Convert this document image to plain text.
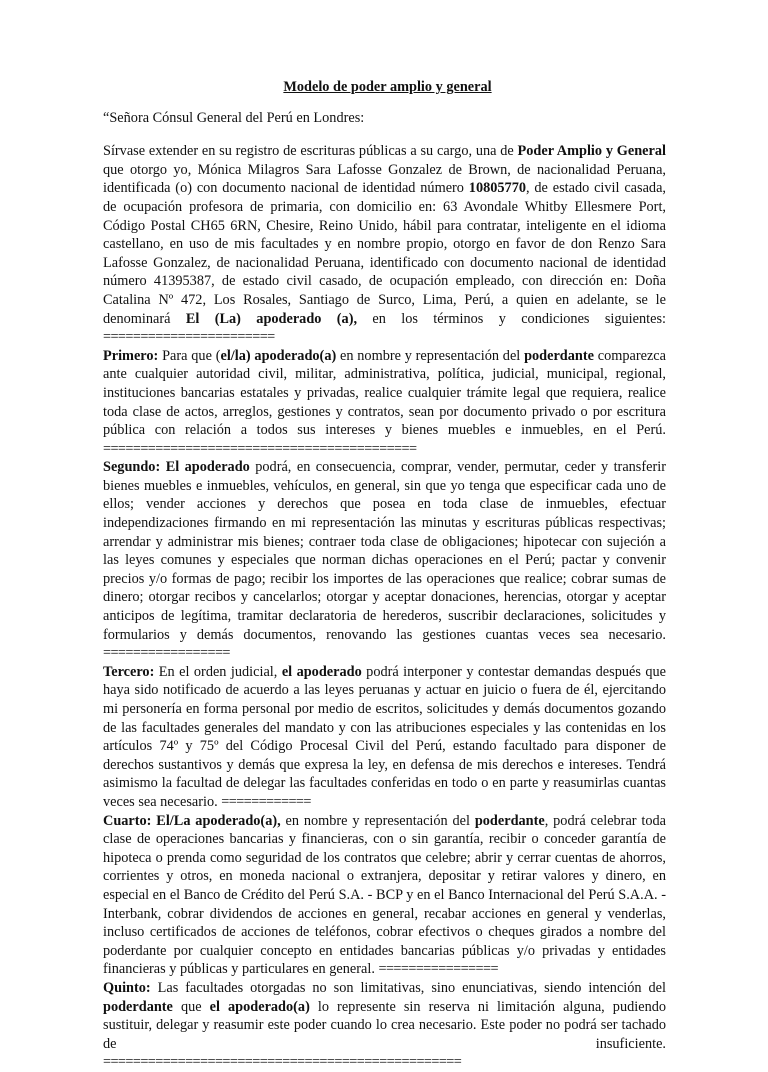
Modelo de poder amplio y general

“Señora Cónsul General del Perú en Londres:

Sírvase extender en su registro de escrituras públicas a su cargo, una de Poder Amplio y General que otorgo yo, Mónica Milagros Sara Lafosse Gonzalez de Brown, de nacionalidad Peruana, identificada (o) con documento nacional de identidad número 10805770, de estado civil casada, de ocupación profesora de primaria, con domicilio en: 63 Avondale Whitby Ellesmere Port, Código Postal CH65 6RN, Chesire, Reino Unido, hábil para contratar, inteligente en el idioma castellano, en uso de mis facultades y en nombre propio, otorgo en favor de don Renzo Sara Lafosse Gonzalez, de nacionalidad Peruana, identificado con documento nacional de identidad número 41395387, de estado civil casado, de ocupación empleado, con dirección en: Doña Catalina Nº 472, Los Rosales, Santiago de Surco, Lima, Perú, a quien en adelante, se le denominará El (La) apoderado (a), en los términos y condiciones siguientes: =======================

Primero: Para que (el/la) apoderado(a) en nombre y representación del poderdante comparezca ante cualquier autoridad civil, militar, administrativa, política, judicial, municipal, regional, instituciones bancarias estatales y privadas, realice cualquier trámite legal que requiera, realice toda clase de actos, arreglos, gestiones y contratos, sean por documento privado o por escritura pública con relación a todos sus intereses y bienes muebles e inmuebles, en el Perú. ==========================================

Segundo: El apoderado podrá, en consecuencia, comprar, vender, permutar, ceder y transferir bienes muebles e inmuebles, vehículos, en general, sin que yo tenga que especificar cada uno de ellos; vender acciones y derechos que posea en toda clase de inmuebles, efectuar independizaciones firmando en mi representación las minutas y escrituras públicas respectivas; arrendar y administrar mis bienes; contraer toda clase de obligaciones; hipotecar con sujeción a las leyes comunes y especiales que norman dichas operaciones en el Perú; pactar y convenir precios y/o formas de pago; recibir los importes de las operaciones que realice; cobrar sumas de dinero; otorgar recibos y cancelarlos; otorgar y aceptar donaciones, herencias, otorgar y aceptar anticipos de legítima, tramitar declaratoria de herederos, suscribir declaraciones, solicitudes y formularios y demás documentos, renovando las gestiones cuantas veces sea necesario. =================

Tercero: En el orden judicial, el apoderado podrá interponer y contestar demandas después que haya sido notificado de acuerdo a las leyes peruanas y actuar en juicio o fuera de él, ejercitando mi personería en forma personal por medio de escritos, solicitudes y demás documentos gozando de las facultades generales del mandato y con las atribuciones especiales y las contenidas en los artículos 74º y 75º del Código Procesal Civil del Perú, estando facultado para disponer de derechos sustantivos y demás que expresa la ley, en defensa de mis derechos e intereses. Tendrá asimismo la facultad de delegar las facultades conferidas en todo o en parte y reasumirlas cuantas veces sea necesario. ============

Cuarto: El/La apoderado(a), en nombre y representación del poderdante, podrá celebrar toda clase de operaciones bancarias y financieras, con o sin garantía, recibir o conceder garantía de hipoteca o prenda como seguridad de los contratos que celebre; abrir y cerrar cuentas de ahorros, corrientes y otros, en moneda nacional o extranjera, depositar y retirar valores y dinero, en especial en el Banco de Crédito del Perú S.A. - BCP y en el Banco Internacional del Perú S.A.A. - Interbank, cobrar dividendos de acciones en general, recabar acciones en general y venderlas, incluso certificados de acciones de teléfonos, cobrar efectivos o cheques girados a nombre del poderdante por cualquier concepto en entidades bancarias públicas y/o privadas y entidades financieras y públicas y particulares en general. ================

Quinto: Las facultades otorgadas no son limitativas, sino enunciativas, siendo intención del poderdante que el apoderado(a) lo represente sin reserva ni limitación alguna, pudiendo sustituir, delegar y reasumir este poder cuando lo crea necesario. Este poder no podrá ser tachado de insuficiente.

================================================
